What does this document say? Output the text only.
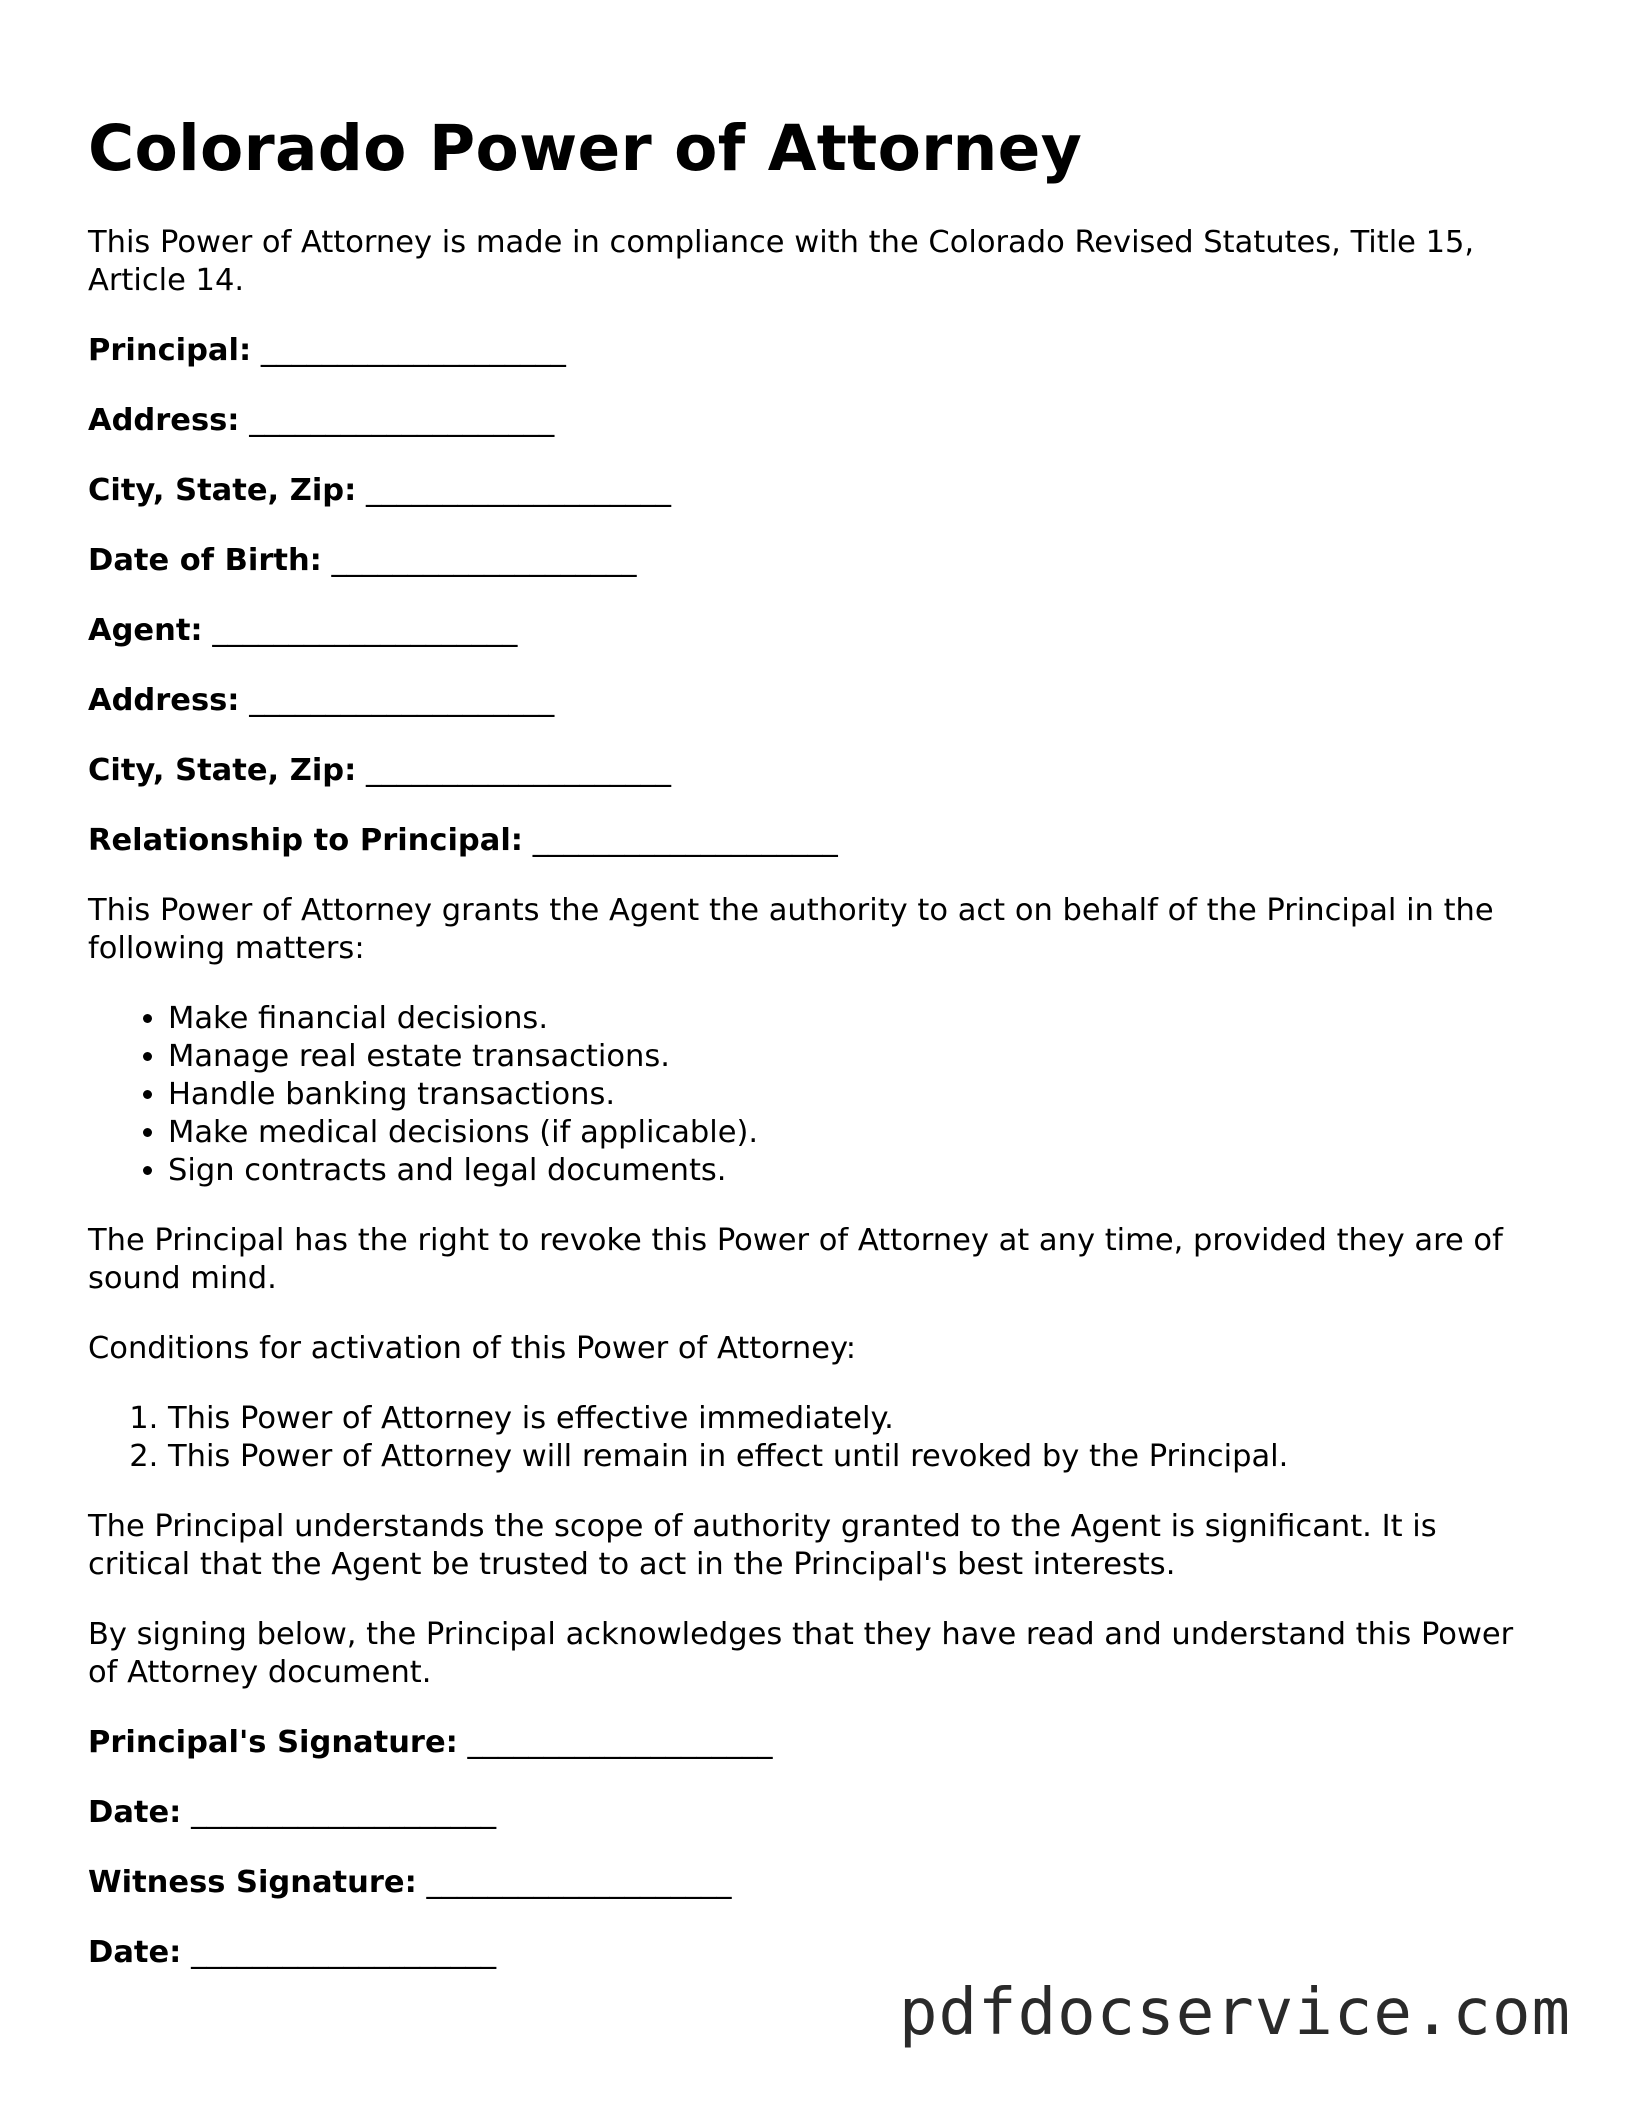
Colorado Power of Attorney

This Power of Attorney is made in compliance with the Colorado Revised Statutes, Title 15, Article 14.

Principal: ____________________
Address: ____________________
City, State, Zip: ____________________
Date of Birth: ____________________
Agent: ____________________
Address: ____________________
City, State, Zip: ____________________
Relationship to Principal: ____________________

This Power of Attorney grants the Agent the authority to act on behalf of the Principal in the following matters:

• Make financial decisions.
• Manage real estate transactions.
• Handle banking transactions.
• Make medical decisions (if applicable).
• Sign contracts and legal documents.

The Principal has the right to revoke this Power of Attorney at any time, provided they are of sound mind.

Conditions for activation of this Power of Attorney:

1. This Power of Attorney is effective immediately.
2. This Power of Attorney will remain in effect until revoked by the Principal.

The Principal understands the scope of authority granted to the Agent is significant. It is critical that the Agent be trusted to act in the Principal's best interests.

By signing below, the Principal acknowledges that they have read and understand this Power of Attorney document.

Principal's Signature: ____________________
Date: ____________________
Witness Signature: ____________________
Date: ____________________
pdfdocservice.com
